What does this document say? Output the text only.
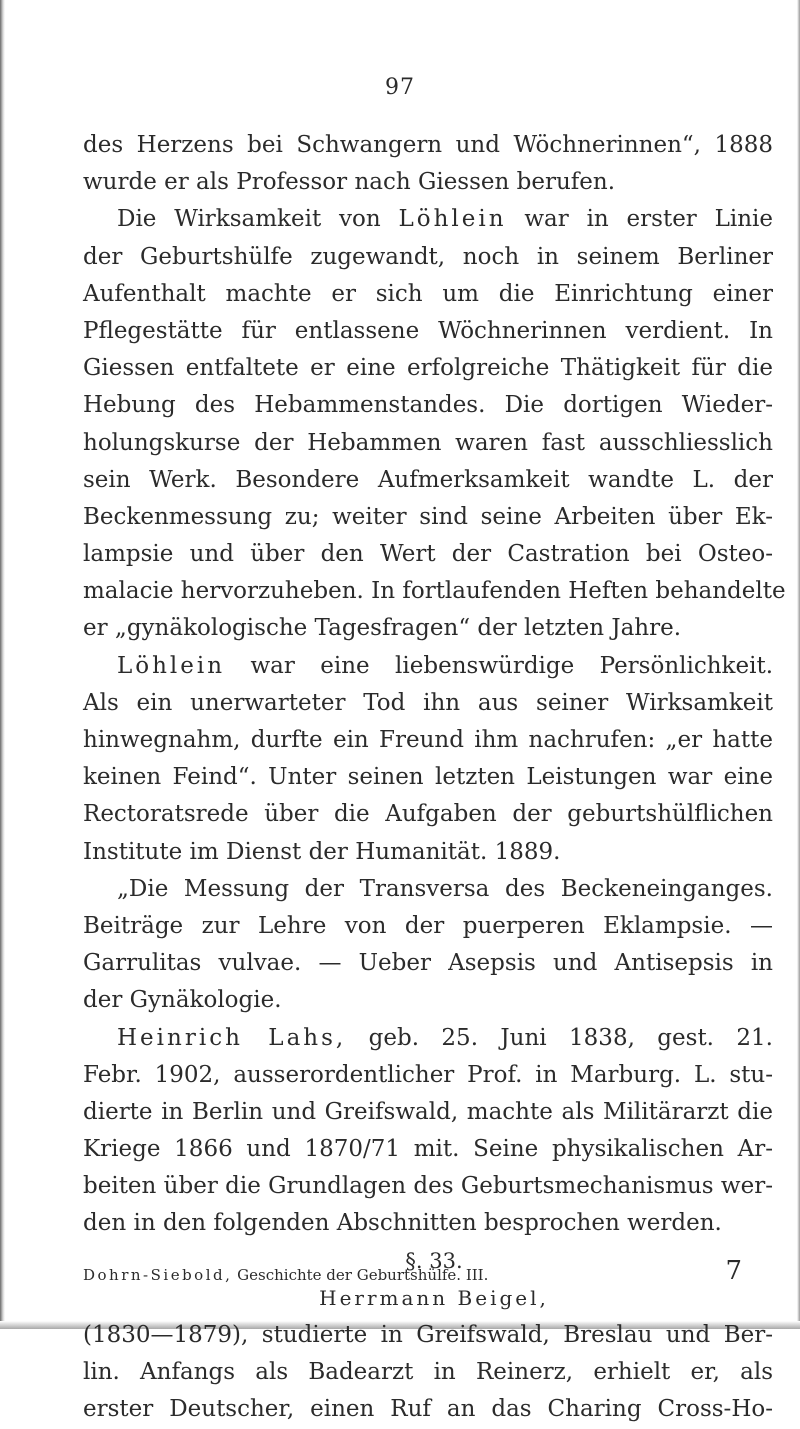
97
des Herzens bei Schwangern und Wöchnerinnen“, 1888
wurde er als Professor nach Giessen berufen.
Die Wirksamkeit von Löhlein war in erster Linie
der Geburtshülfe zugewandt, noch in seinem Berliner
Aufenthalt machte er sich um die Einrichtung einer
Pflegestätte für entlassene Wöchnerinnen verdient. In
Giessen entfaltete er eine erfolgreiche Thätigkeit für die
Hebung des Hebammenstandes. Die dortigen Wieder-
holungskurse der Hebammen waren fast ausschliesslich
sein Werk. Besondere Aufmerksamkeit wandte L. der
Beckenmessung zu; weiter sind seine Arbeiten über Ek-
lampsie und über den Wert der Castration bei Osteo-
malacie hervorzuheben. In fortlaufenden Heften behandelte
er „gynäkologische Tagesfragen“ der letzten Jahre.
Löhlein war eine liebenswürdige Persönlichkeit.
Als ein unerwarteter Tod ihn aus seiner Wirksamkeit
hinwegnahm, durfte ein Freund ihm nachrufen: „er hatte
keinen Feind“. Unter seinen letzten Leistungen war eine
Rectoratsrede über die Aufgaben der geburtshülflichen
Institute im Dienst der Humanität. 1889.
„Die Messung der Transversa des Beckeneinganges.
Beiträge zur Lehre von der puerperen Eklampsie. —
Garrulitas vulvae. — Ueber Asepsis und Antisepsis in
der Gynäkologie.
Heinrich Lahs, geb. 25. Juni 1838, gest. 21.
Febr. 1902, ausserordentlicher Prof. in Marburg. L. stu-
dierte in Berlin und Greifswald, machte als Militärarzt die
Kriege 1866 und 1870/71 mit. Seine physikalischen Ar-
beiten über die Grundlagen des Geburtsmechanismus wer-
den in den folgenden Abschnitten besprochen werden.
§. 33.
Herrmann Beigel,
(1830—1879), studierte in Greifswald, Breslau und Ber-
lin. Anfangs als Badearzt in Reinerz, erhielt er, als
erster Deutscher, einen Ruf an das Charing Cross-Ho-
Dohrn-Siebold, Geschichte der Geburtshülfe. III.	7
